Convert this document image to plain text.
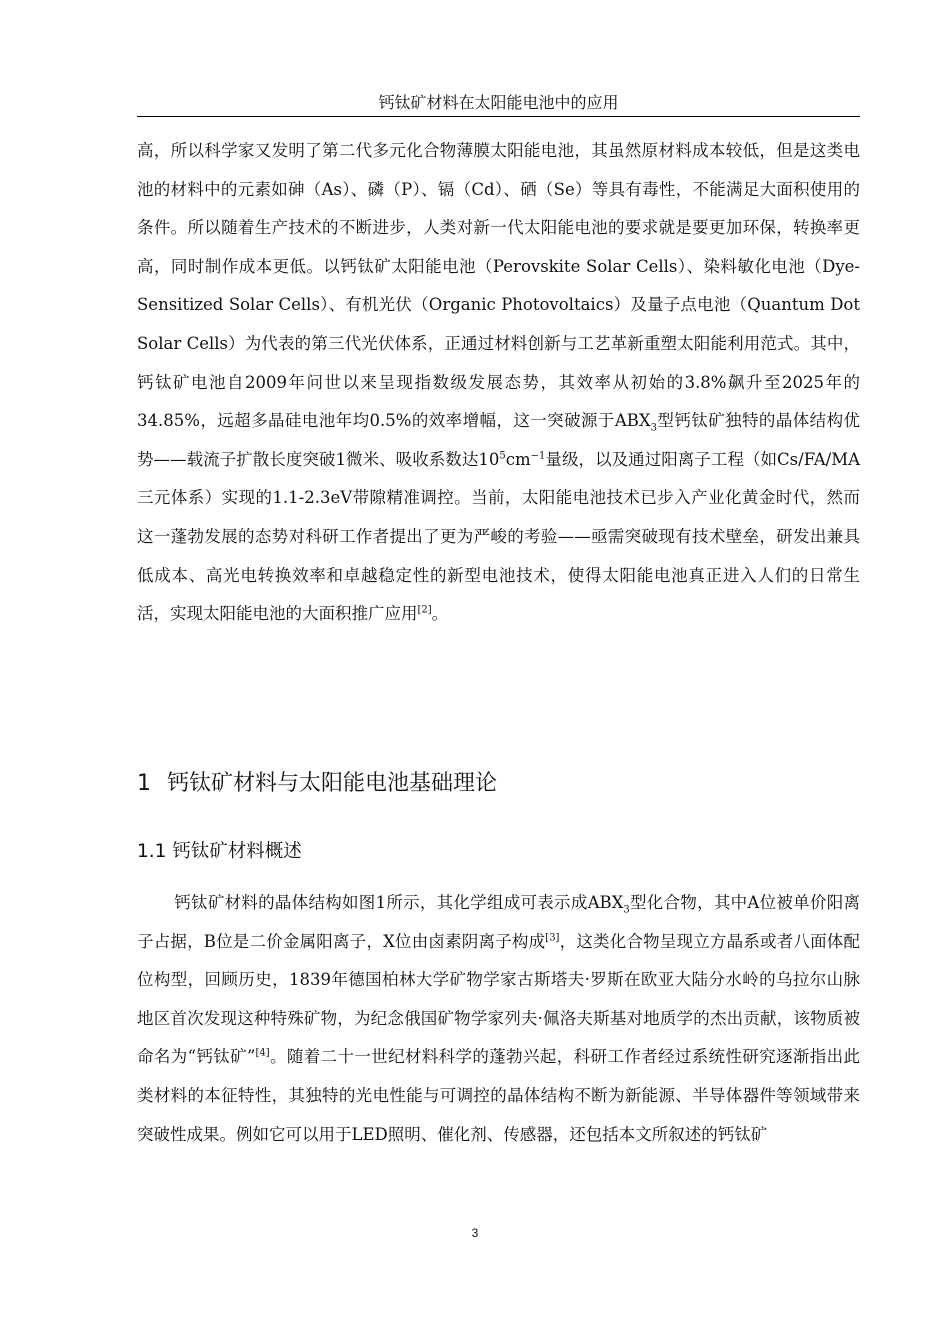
钙钛矿材料在太阳能电池中的应用

高，所以科学家又发明了第二代多元化合物薄膜太阳能电池，其虽然原材料成本较低，但是这类电池的材料中的元素如砷（As）、磷（P）、镉（Cd）、硒（Se）等具有毒性，不能满足大面积使用的条件。所以随着生产技术的不断进步，人类对新一代太阳能电池的要求就是要更加环保，转换率更高，同时制作成本更低。以钙钛矿太阳能电池（Perovskite Solar Cells）、染料敏化电池（Dye-Sensitized Solar Cells）、有机光伏（Organic Photovoltaics）及量子点电池（Quantum Dot Solar Cells）为代表的第三代光伏体系，正通过材料创新与工艺革新重塑太阳能利用范式。其中，钙钛矿电池自2009年问世以来呈现指数级发展态势，其效率从初始的3.8%飙升至2025年的34.85%，远超多晶硅电池年均0.5%的效率增幅，这一突破源于$ABX_3$型钙钛矿独特的晶体结构优势——载流子扩散长度突破1微米、吸收系数达$10^5cm^{-1}$量级，以及通过阳离子工程（如Cs/FA/MA三元体系）实现的1.1-2.3eV带隙精准调控。当前，太阳能电池技术已步入产业化黄金时代，然而这一蓬勃发展的态势对科研工作者提出了更为严峻的考验——亟需突破现有技术壁垒，研发出兼具低成本、高光电转换效率和卓越稳定性的新型电池技术，使得太阳能电池真正进入人们的日常生活，实现太阳能电池的大面积推广应用[2]。

1 钙钛矿材料与太阳能电池基础理论
1.1 钙钛矿材料概述

钙钛矿材料的晶体结构如图1所示，其化学组成可表示成$ABX_3$型化合物，其中A位被单价阳离子占据，B位是二价金属阳离子，X位由卤素阴离子构成[3]，这类化合物呈现立方晶系或者八面体配位构型，回顾历史，1839年德国柏林大学矿物学家古斯塔夫·罗斯在欧亚大陆分水岭的乌拉尔山脉地区首次发现这种特殊矿物，为纪念俄国矿物学家列夫·佩洛夫斯基对地质学的杰出贡献，该物质被命名为“钙钛矿”[4]。随着二十一世纪材料科学的蓬勃兴起，科研工作者经过系统性研究逐渐指出此类材料的本征特性，其独特的光电性能与可调控的晶体结构不断为新能源、半导体器件等领域带来突破性成果。例如它可以用于LED照明、催化剂、传感器，还包括本文所叙述的钙钛矿

3
